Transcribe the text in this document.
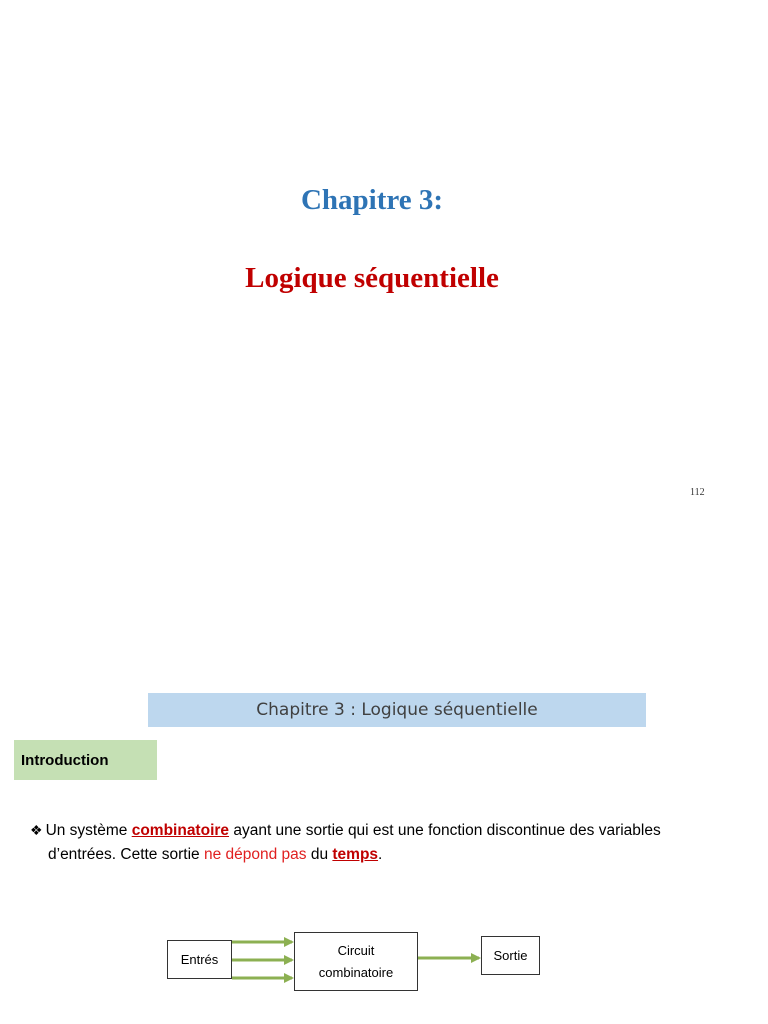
Chapitre 3:
Logique séquentielle
112
Chapitre 3 : Logique séquentielle
Introduction
❖ Un système combinatoire ayant une sortie qui est une fonction discontinue des variables
d’entrées. Cette sortie ne dépond pas du temps.
Entrés
Circuit
combinatoire
Sortie
